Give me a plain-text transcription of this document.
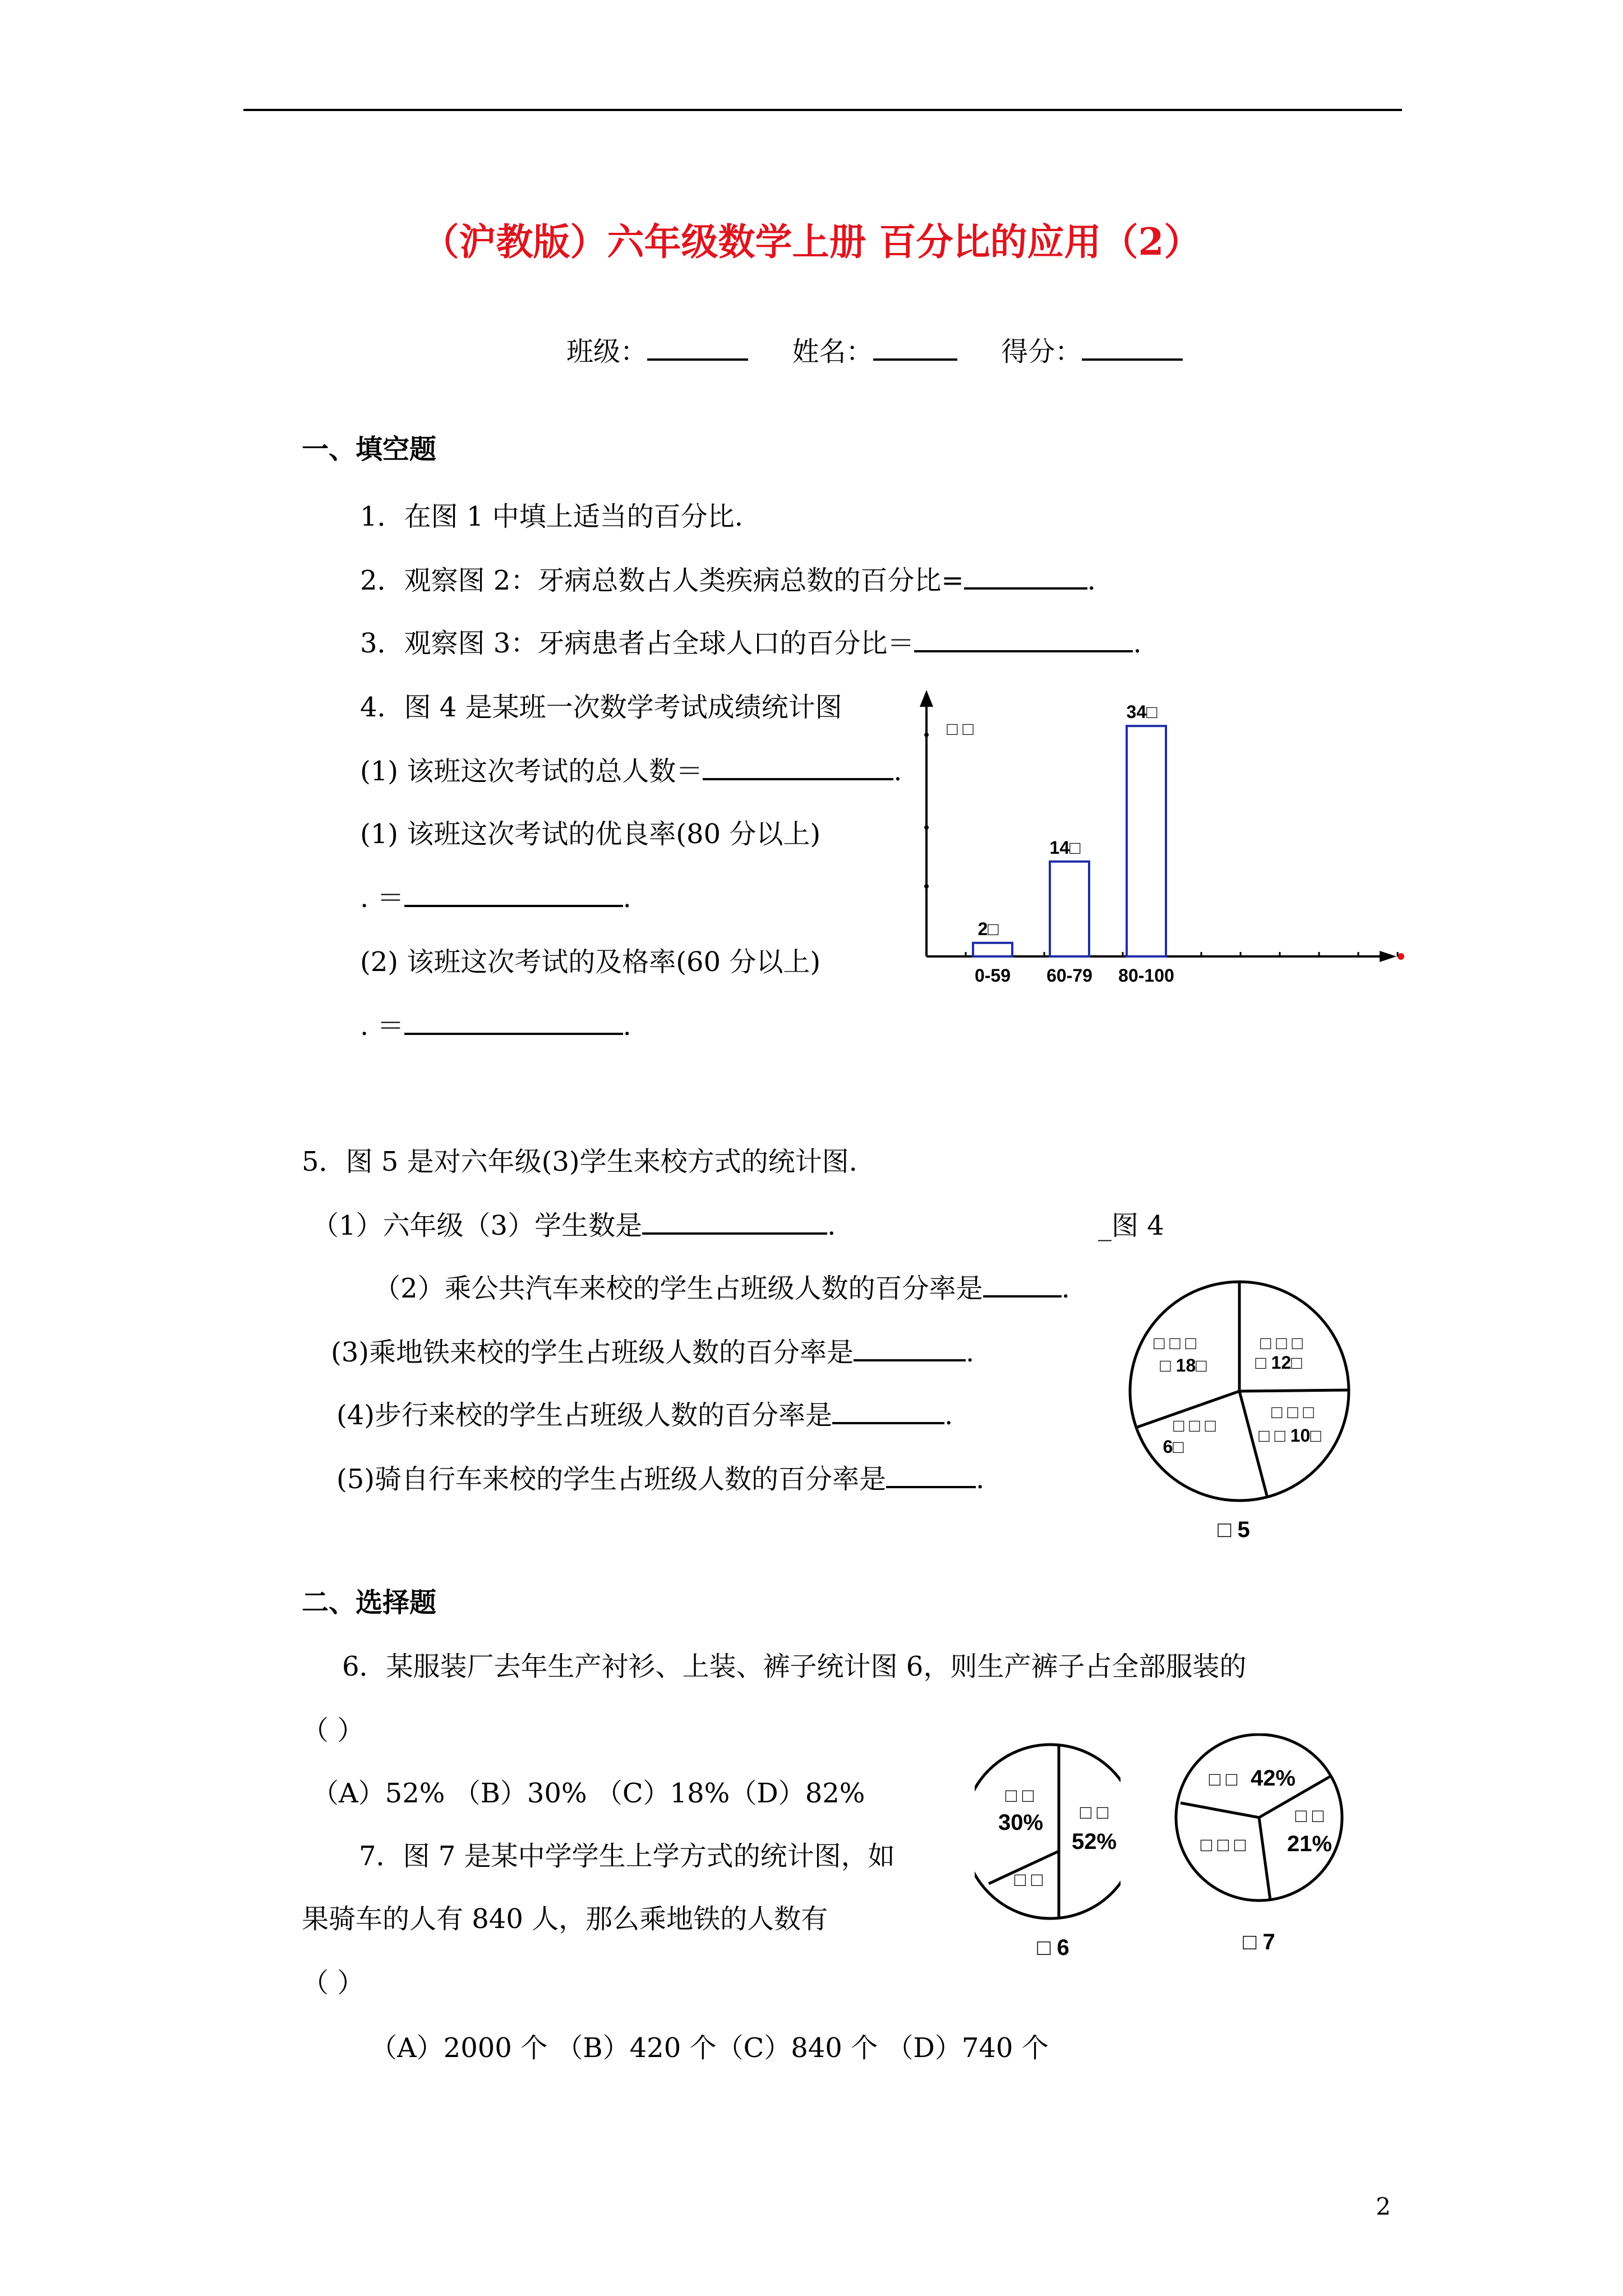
（沪教版）六年级数学上册 百分比的应用（2）
班级：	姓名：	得分：
一、填空题
1．在图 1 中填上适当的百分比.
2．观察图 2：牙病总数占人类疾病总数的百分比=	.
3．观察图 3：牙病患者占全球人口的百分比＝	.
4．图 4 是某班一次数学考试成绩统计图
(1) 该班这次考试的总人数＝	.
(1) 该班这次考试的优良率(80 分以上)
. ＝	.
(2) 该班这次考试的及格率(60 分以上)
. ＝	.
□ □
2□
0-59
14□
60-79
34□
80-100
5．图 5 是对六年级(3)学生来校方式的统计图.
（1）六年级（3）学生数是	.	_图 4
（2）乘公共汽车来校的学生占班级人数的百分率是	.
(3)乘地铁来校的学生占班级人数的百分率是	.
(4)步行来校的学生占班级人数的百分率是	.
(5)骑自行车来校的学生占班级人数的百分率是	.
□ □ □
□ 18□
□ □ □
□ 12□
□ □ □
□ □ 10□
□ □ □
6□
□ 5
二、选择题
6．某服装厂去年生产衬衫、上装、裤子统计图 6，则生产裤子占全部服装的
（ ）
（A）52% （B）30% （C）18%（D）82%
7．图 7 是某中学学生上学方式的统计图，如
果骑车的人有 840 人，那么乘地铁的人数有
（ ）
（A）2000 个 （B）420 个（C）840 个 （D）740 个
□ □
30% □ □
52%
□ □
□ 6
□ □ 42%
□ □
21%
□ □ □
□ 7
2
